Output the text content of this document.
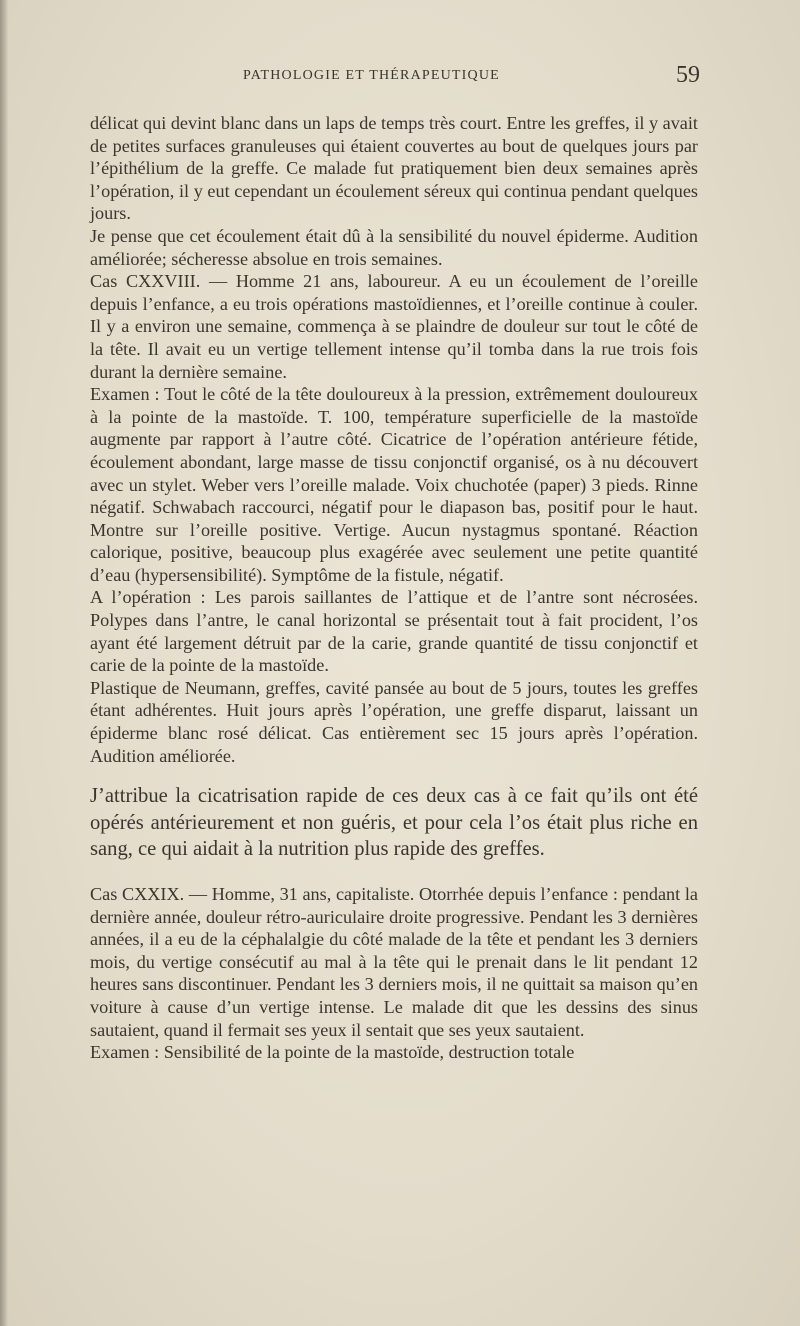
PATHOLOGIE ET THÉRAPEUTIQUE	59

délicat qui devint blanc dans un laps de temps très court. Entre les greffes, il y avait de petites surfaces granuleuses qui étaient couvertes au bout de quelques jours par l’épithélium de la greffe. Ce malade fut pratiquement bien deux semaines après l’opération, il y eut cependant un écoulement séreux qui continua pendant quelques jours.

Je pense que cet écoulement était dû à la sensibilité du nouvel épiderme. Audition améliorée; sécheresse absolue en trois semaines.

Cas CXXVIII. — Homme 21 ans, laboureur. A eu un écoulement de l’oreille depuis l’enfance, a eu trois opérations mastoïdiennes, et l’oreille continue à couler. Il y a environ une semaine, commença à se plaindre de douleur sur tout le côté de la tête. Il avait eu un vertige tellement intense qu’il tomba dans la rue trois fois durant la dernière semaine.

Examen : Tout le côté de la tête douloureux à la pression, extrêmement douloureux à la pointe de la mastoïde. T. 100, température superficielle de la mastoïde augmente par rapport à l’autre côté. Cicatrice de l’opération antérieure fétide, écoulement abondant, large masse de tissu conjonctif organisé, os à nu découvert avec un stylet. Weber vers l’oreille malade. Voix chuchotée (paper) 3 pieds. Rinne négatif. Schwabach raccourci, négatif pour le diapason bas, positif pour le haut. Montre sur l’oreille positive. Vertige. Aucun nystagmus spontané. Réaction calorique, positive, beaucoup plus exagérée avec seulement une petite quantité d’eau (hypersensibilité). Symptôme de la fistule, négatif.

A l’opération : Les parois saillantes de l’attique et de l’antre sont nécrosées. Polypes dans l’antre, le canal horizontal se présentait tout à fait procident, l’os ayant été largement détruit par de la carie, grande quantité de tissu conjonctif et carie de la pointe de la mastoïde.

Plastique de Neumann, greffes, cavité pansée au bout de 5 jours, toutes les greffes étant adhérentes. Huit jours après l’opération, une greffe disparut, laissant un épiderme blanc rosé délicat. Cas entièrement sec 15 jours après l’opération. Audition améliorée.

J’attribue la cicatrisation rapide de ces deux cas à ce fait qu’ils ont été opérés antérieurement et non guéris, et pour cela l’os était plus riche en sang, ce qui aidait à la nutrition plus rapide des greffes.

Cas CXXIX. — Homme, 31 ans, capitaliste. Otorrhée depuis l’enfance : pendant la dernière année, douleur rétro-auriculaire droite progressive. Pendant les 3 dernières années, il a eu de la céphalalgie du côté malade de la tête et pendant les 3 derniers mois, du vertige consécutif au mal à la tête qui le prenait dans le lit pendant 12 heures sans discontinuer. Pendant les 3 derniers mois, il ne quittait sa maison qu’en voiture à cause d’un vertige intense. Le malade dit que les dessins des sinus sautaient, quand il fermait ses yeux il sentait que ses yeux sautaient.

Examen : Sensibilité de la pointe de la mastoïde, destruction totale
